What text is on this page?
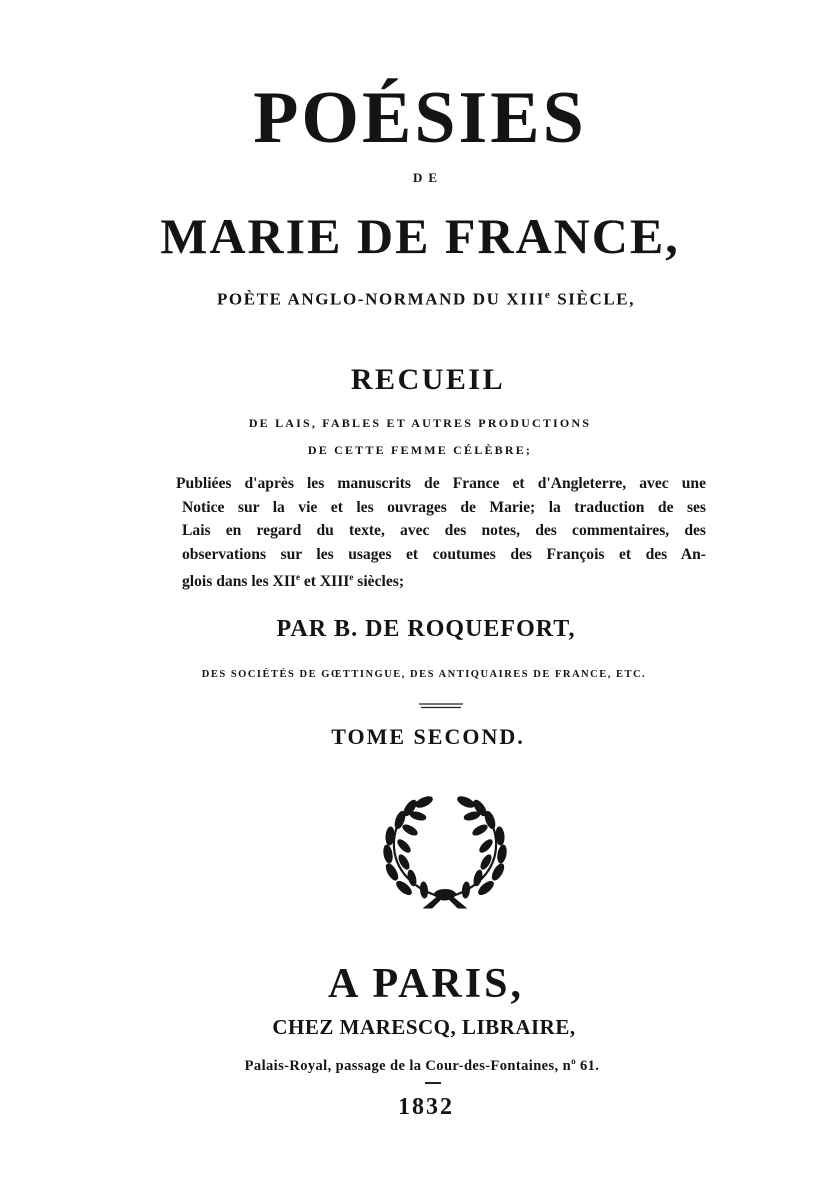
POÉSIES
DE
MARIE DE FRANCE,
POÈTE ANGLO-NORMAND DU XIIIe SIÈCLE,
RECUEIL
DE LAIS, FABLES ET AUTRES PRODUCTIONS
DE CETTE FEMME CÉLÈBRE;
Publiées d'après les manuscrits de France et d'Angleterre, avec une
Notice sur la vie et les ouvrages de Marie; la traduction de ses
Lais en regard du texte, avec des notes, des commentaires, des
observations sur les usages et coutumes des François et des An-
glois dans les XIIe et XIIIe siècles;
PAR B. DE ROQUEFORT,
DES SOCIÉTÉS DE GŒTTINGUE, DES ANTIQUAIRES DE FRANCE, ETC.
TOME SECOND.
A PARIS,
CHEZ MARESCQ, LIBRAIRE,
Palais-Royal, passage de la Cour-des-Fontaines, $n^o$ 61.
1832
